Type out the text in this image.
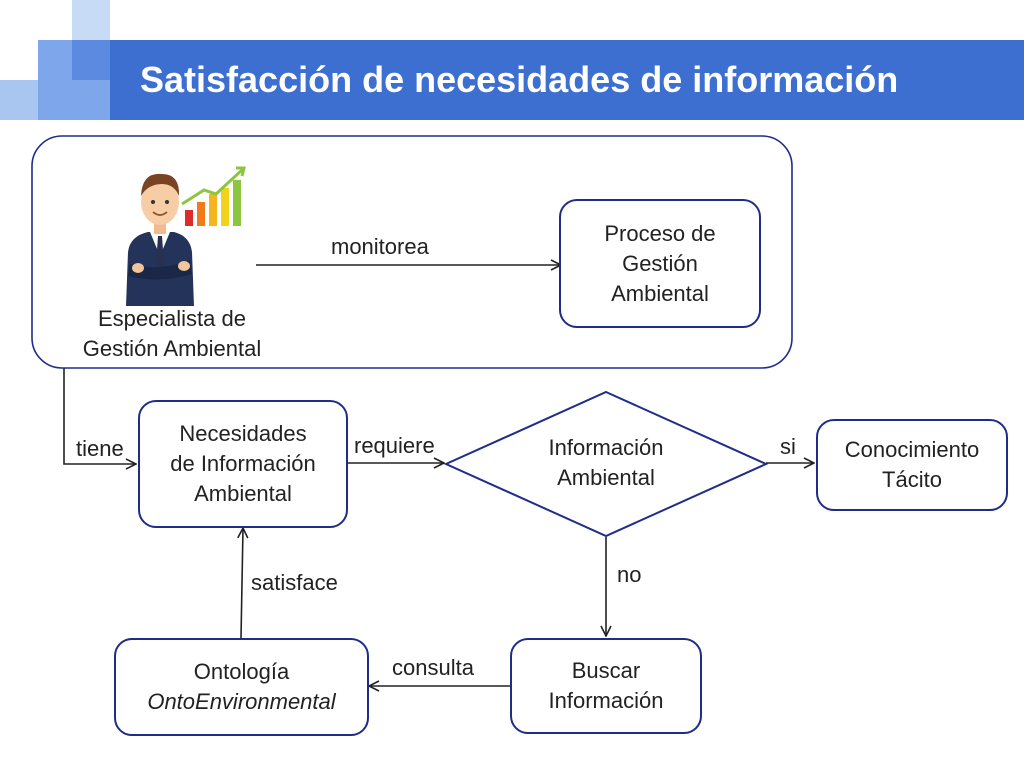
Satisfacción de necesidades de información
Especialista de
Gestión Ambiental
Proceso de
Gestión
Ambiental
Necesidades
de Información
Ambiental
Información
Ambiental
Conocimiento
Tácito
Buscar
Información
Ontología
OntoEnvironmental
monitorea
tiene	requiere	si
no
consulta
satisface
